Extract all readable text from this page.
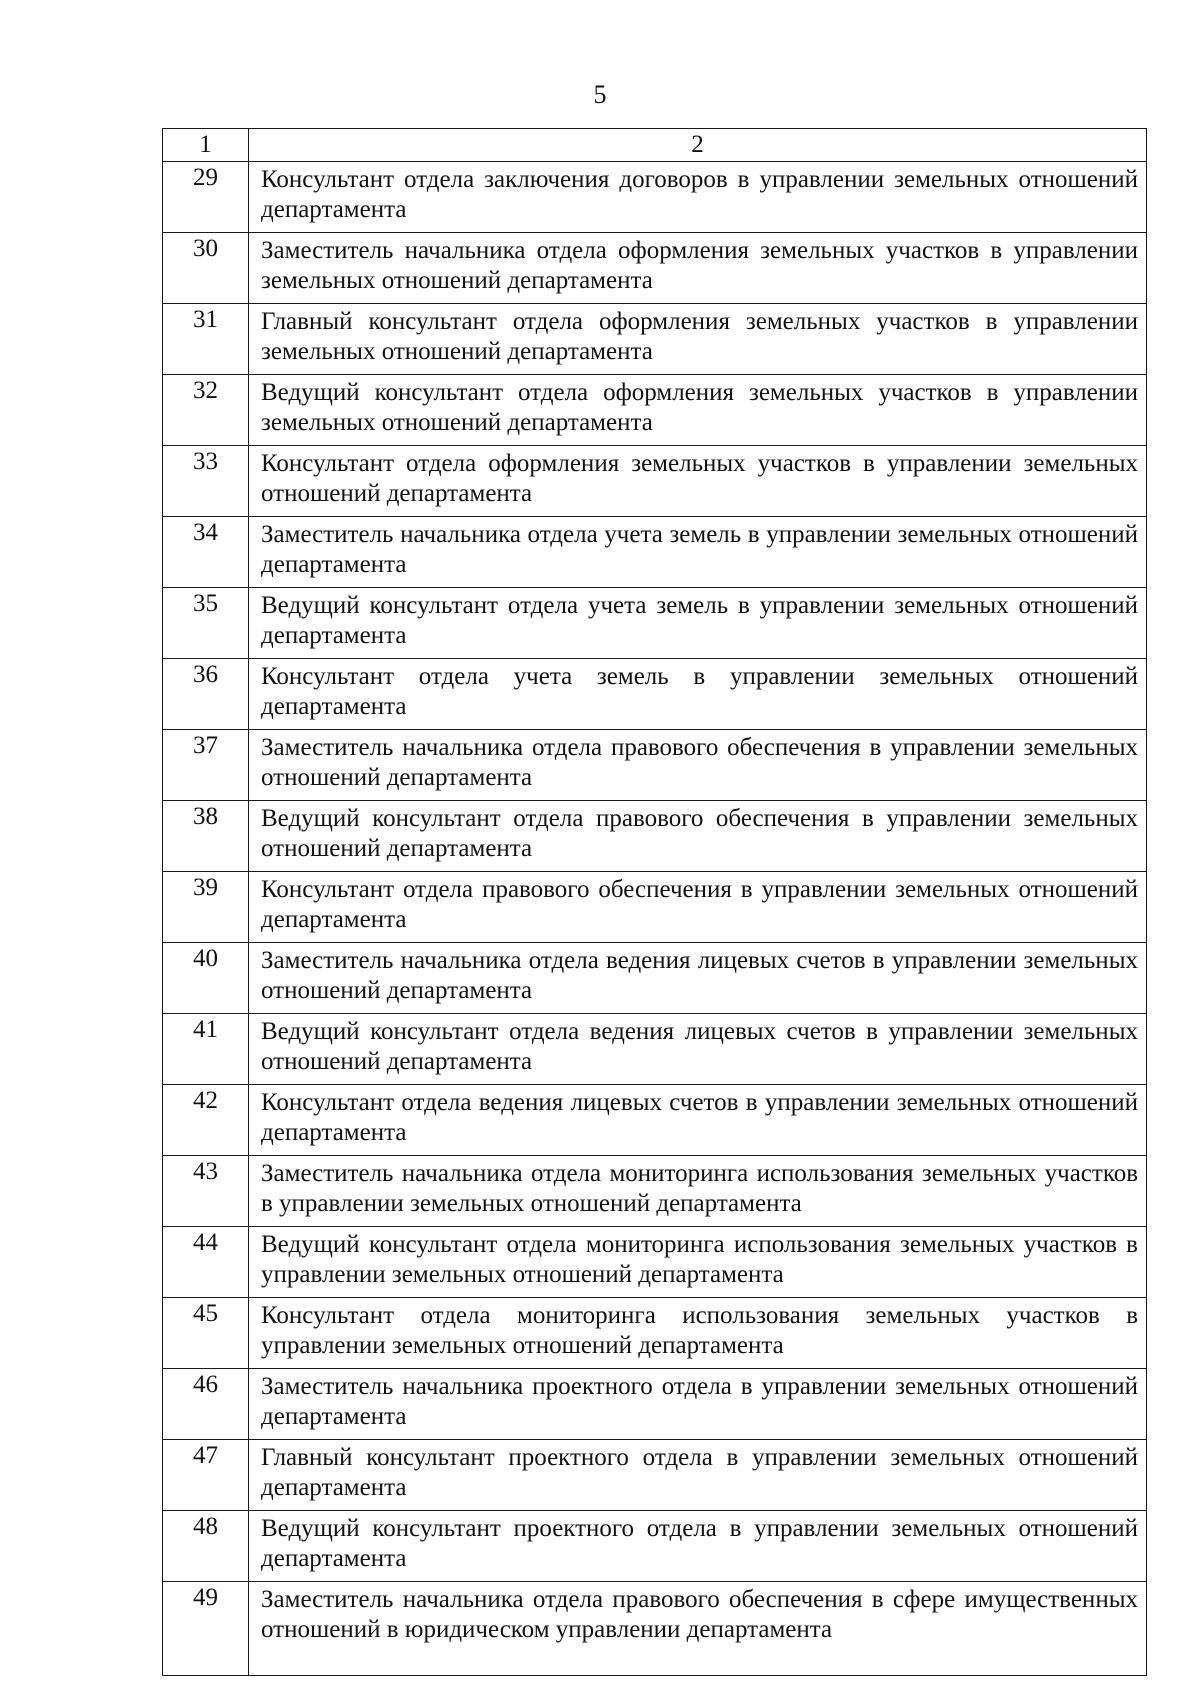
5
1	2
29	Консультант отдела заключения договоров в управлении земельных отношений департамента
30	Заместитель начальника отдела оформления земельных участков в управлении земельных отношений департамента
31	Главный консультант отдела оформления земельных участков в управлении земельных отношений департамента
32	Ведущий консультант отдела оформления земельных участков в управлении земельных отношений департамента
33	Консультант отдела оформления земельных участков в управлении земельных отношений департамента
34	Заместитель начальника отдела учета земель в управлении земельных отношений департамента
35	Ведущий консультант отдела учета земель в управлении земельных отношений департамента
36	Консультант отдела учета земель в управлении земельных отношений департамента
37	Заместитель начальника отдела правового обеспечения в управлении земельных отношений департамента
38	Ведущий консультант отдела правового обеспечения в управлении земельных отношений департамента
39	Консультант отдела правового обеспечения в управлении земельных отношений департамента
40	Заместитель начальника отдела ведения лицевых счетов в управлении земельных отношений департамента
41	Ведущий консультант отдела ведения лицевых счетов в управлении земельных отношений департамента
42	Консультант отдела ведения лицевых счетов в управлении земельных отношений департамента
43	Заместитель начальника отдела мониторинга использования земельных участков в управлении земельных отношений департамента
44	Ведущий консультант отдела мониторинга использования земельных участков в управлении земельных отношений департамента
45	Консультант отдела мониторинга использования земельных участков в управлении земельных отношений департамента
46	Заместитель начальника проектного отдела в управлении земельных отношений департамента
47	Главный консультант проектного отдела в управлении земельных отношений департамента
48	Ведущий консультант проектного отдела в управлении земельных отношений департамента
49	Заместитель начальника отдела правового обеспечения в сфере имущественных отношений в юридическом управлении департамента
